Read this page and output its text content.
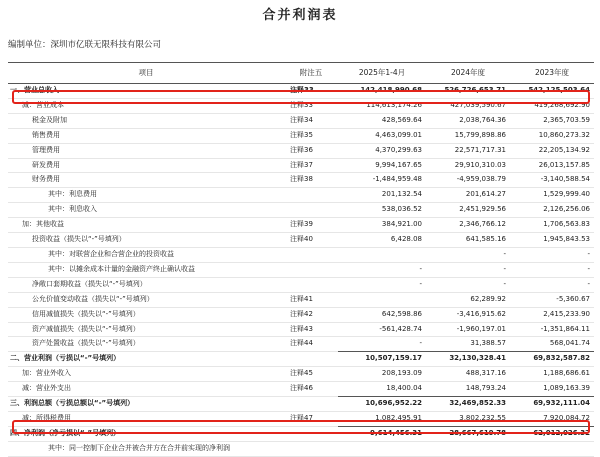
合并利润表
编制单位：深圳市亿联无限科技有限公司
项目	附注五	2025年1-4月	2024年度	2023年度
一、营业总收入	注释33	142,418,990.68	526,726,653.71	542,125,503.64
减：营业成本	注释33	114,613,174.26	427,039,590.67	419,268,692.90
税金及附加	注释34	428,569.64	2,038,764.36	2,365,703.59
销售费用	注释35	4,463,099.01	15,799,898.86	10,860,273.32
管理费用	注释36	4,370,299.63	22,571,717.31	22,205,134.92
研发费用	注释37	9,994,167.65	29,910,310.03	26,013,157.85
财务费用	注释38	-1,484,959.48	-4,959,038.79	-3,140,588.54
其中：利息费用		201,132.54	201,614.27	1,529,999.40
其中：利息收入		538,036.52	2,451,929.56	2,126,256.06
加：其他收益	注释39	384,921.00	2,346,766.12	1,706,563.83
投资收益（损失以“-”号填列）	注释40	6,428.08	641,585.16	1,945,843.53
其中：对联营企业和合营企业的投资收益			-	-
其中：以摊余成本计量的金融资产终止确认收益		-	-	-
净敞口套期收益（损失以“-”号填列）		-	-	-
公允价值变动收益（损失以“-”号填列）	注释41		62,289.92	-5,360.67
信用减值损失（损失以“-”号填列）	注释42	642,598.86	-3,416,915.62	2,415,233.90
资产减值损失（损失以“-”号填列）	注释43	-561,428.74	-1,960,197.01	-1,351,864.11
资产处置收益（损失以“-”号填列）	注释44	-	31,388.57	568,041.74
二、营业利润（亏损以“-”号填列）		10,507,159.17	32,130,328.41	69,832,587.82
加：营业外收入	注释45	208,193.09	488,317.16	1,188,686.61
减：营业外支出	注释46	18,400.04	148,793.24	1,089,163.39
三、利润总额（亏损总额以“-”号填列）		10,696,952.22	32,469,852.33	69,932,111.04
减：所得税费用	注释47	1,082,495.91	3,802,232.55	7,920,084.72
四、净利润（净亏损以“-”号填列）		9,614,456.31	28,667,619.78	62,012,026.32
其中：同一控制下企业合并被合并方在合并前实现的净利润				
